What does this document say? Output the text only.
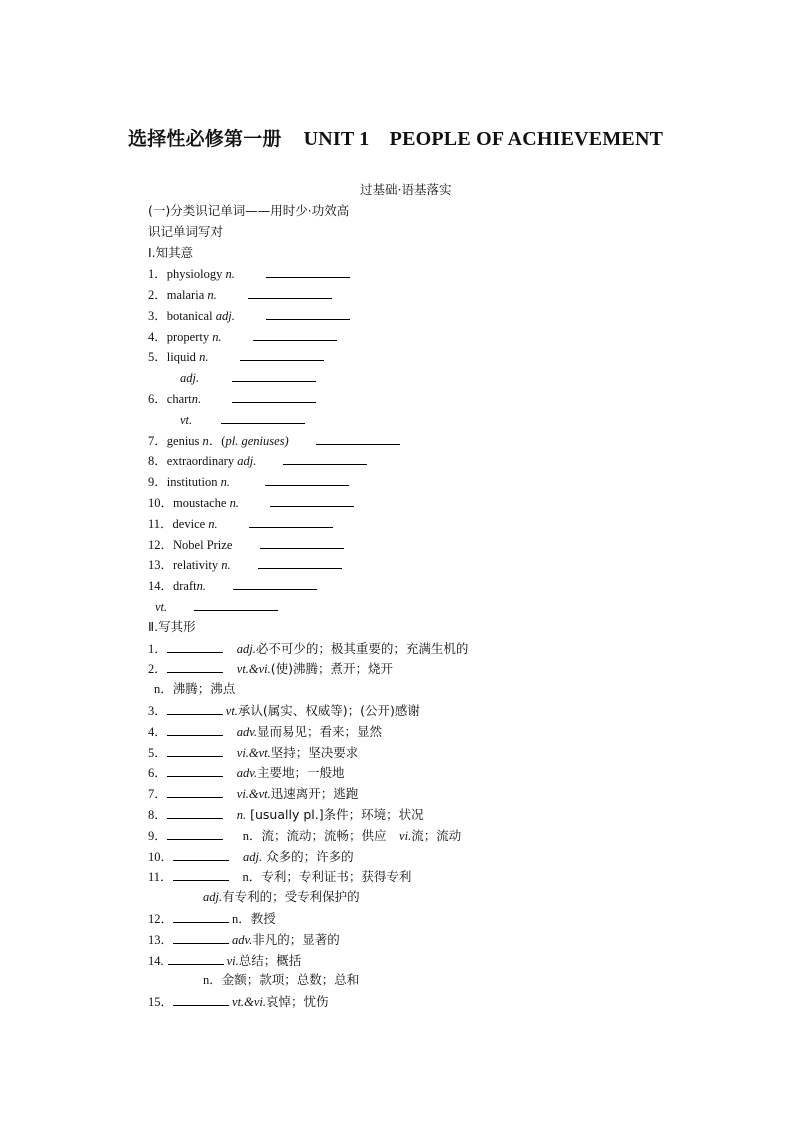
选择性必修第一册 UNIT 1　PEOPLE OF ACHIEVEMENT
过基础·语基落实
(一)分类识记单词——用时少·功效高
识记单词写对
Ⅰ.知其意
1．physiology n.
2．malaria n.
3．botanical adj.
4．property n.
5．liquid n.
adj.
6．chartn.
vt.
7．genius n．(pl. geniuses)
8．extraordinary adj.
9．institution n.
10．moustache n.
11．device n.
12．Nobel Prize
13．relativity n.
14．draftn.
vt.
Ⅱ.写其形
1．	adj.必不可少的；极其重要的；充满生机的
2．	vt.&vi.(使)沸腾；煮开；烧开
n．沸腾；沸点
3．	vt.承认(属实、权威等)；(公开)感谢
4．	adv.显而易见；看来；显然
5．	vi.&vt.坚持；坚决要求
6．	adv.主要地；一般地
7．	vi.&vt.迅速离开；逃跑
8．	n. [usually pl.]条件；环境；状况
9．	n．流；流动；流畅；供应　vi.流；流动
10．	adj. 众多的；许多的
11．	n．专利；专利证书；获得专利
adj.有专利的；受专利保护的
12．	n．教授
13．	adv.非凡的；显著的
14.	vi.总结；概括
n．金额；款项；总数；总和
15．	vt.&vi.哀悼；忧伤
